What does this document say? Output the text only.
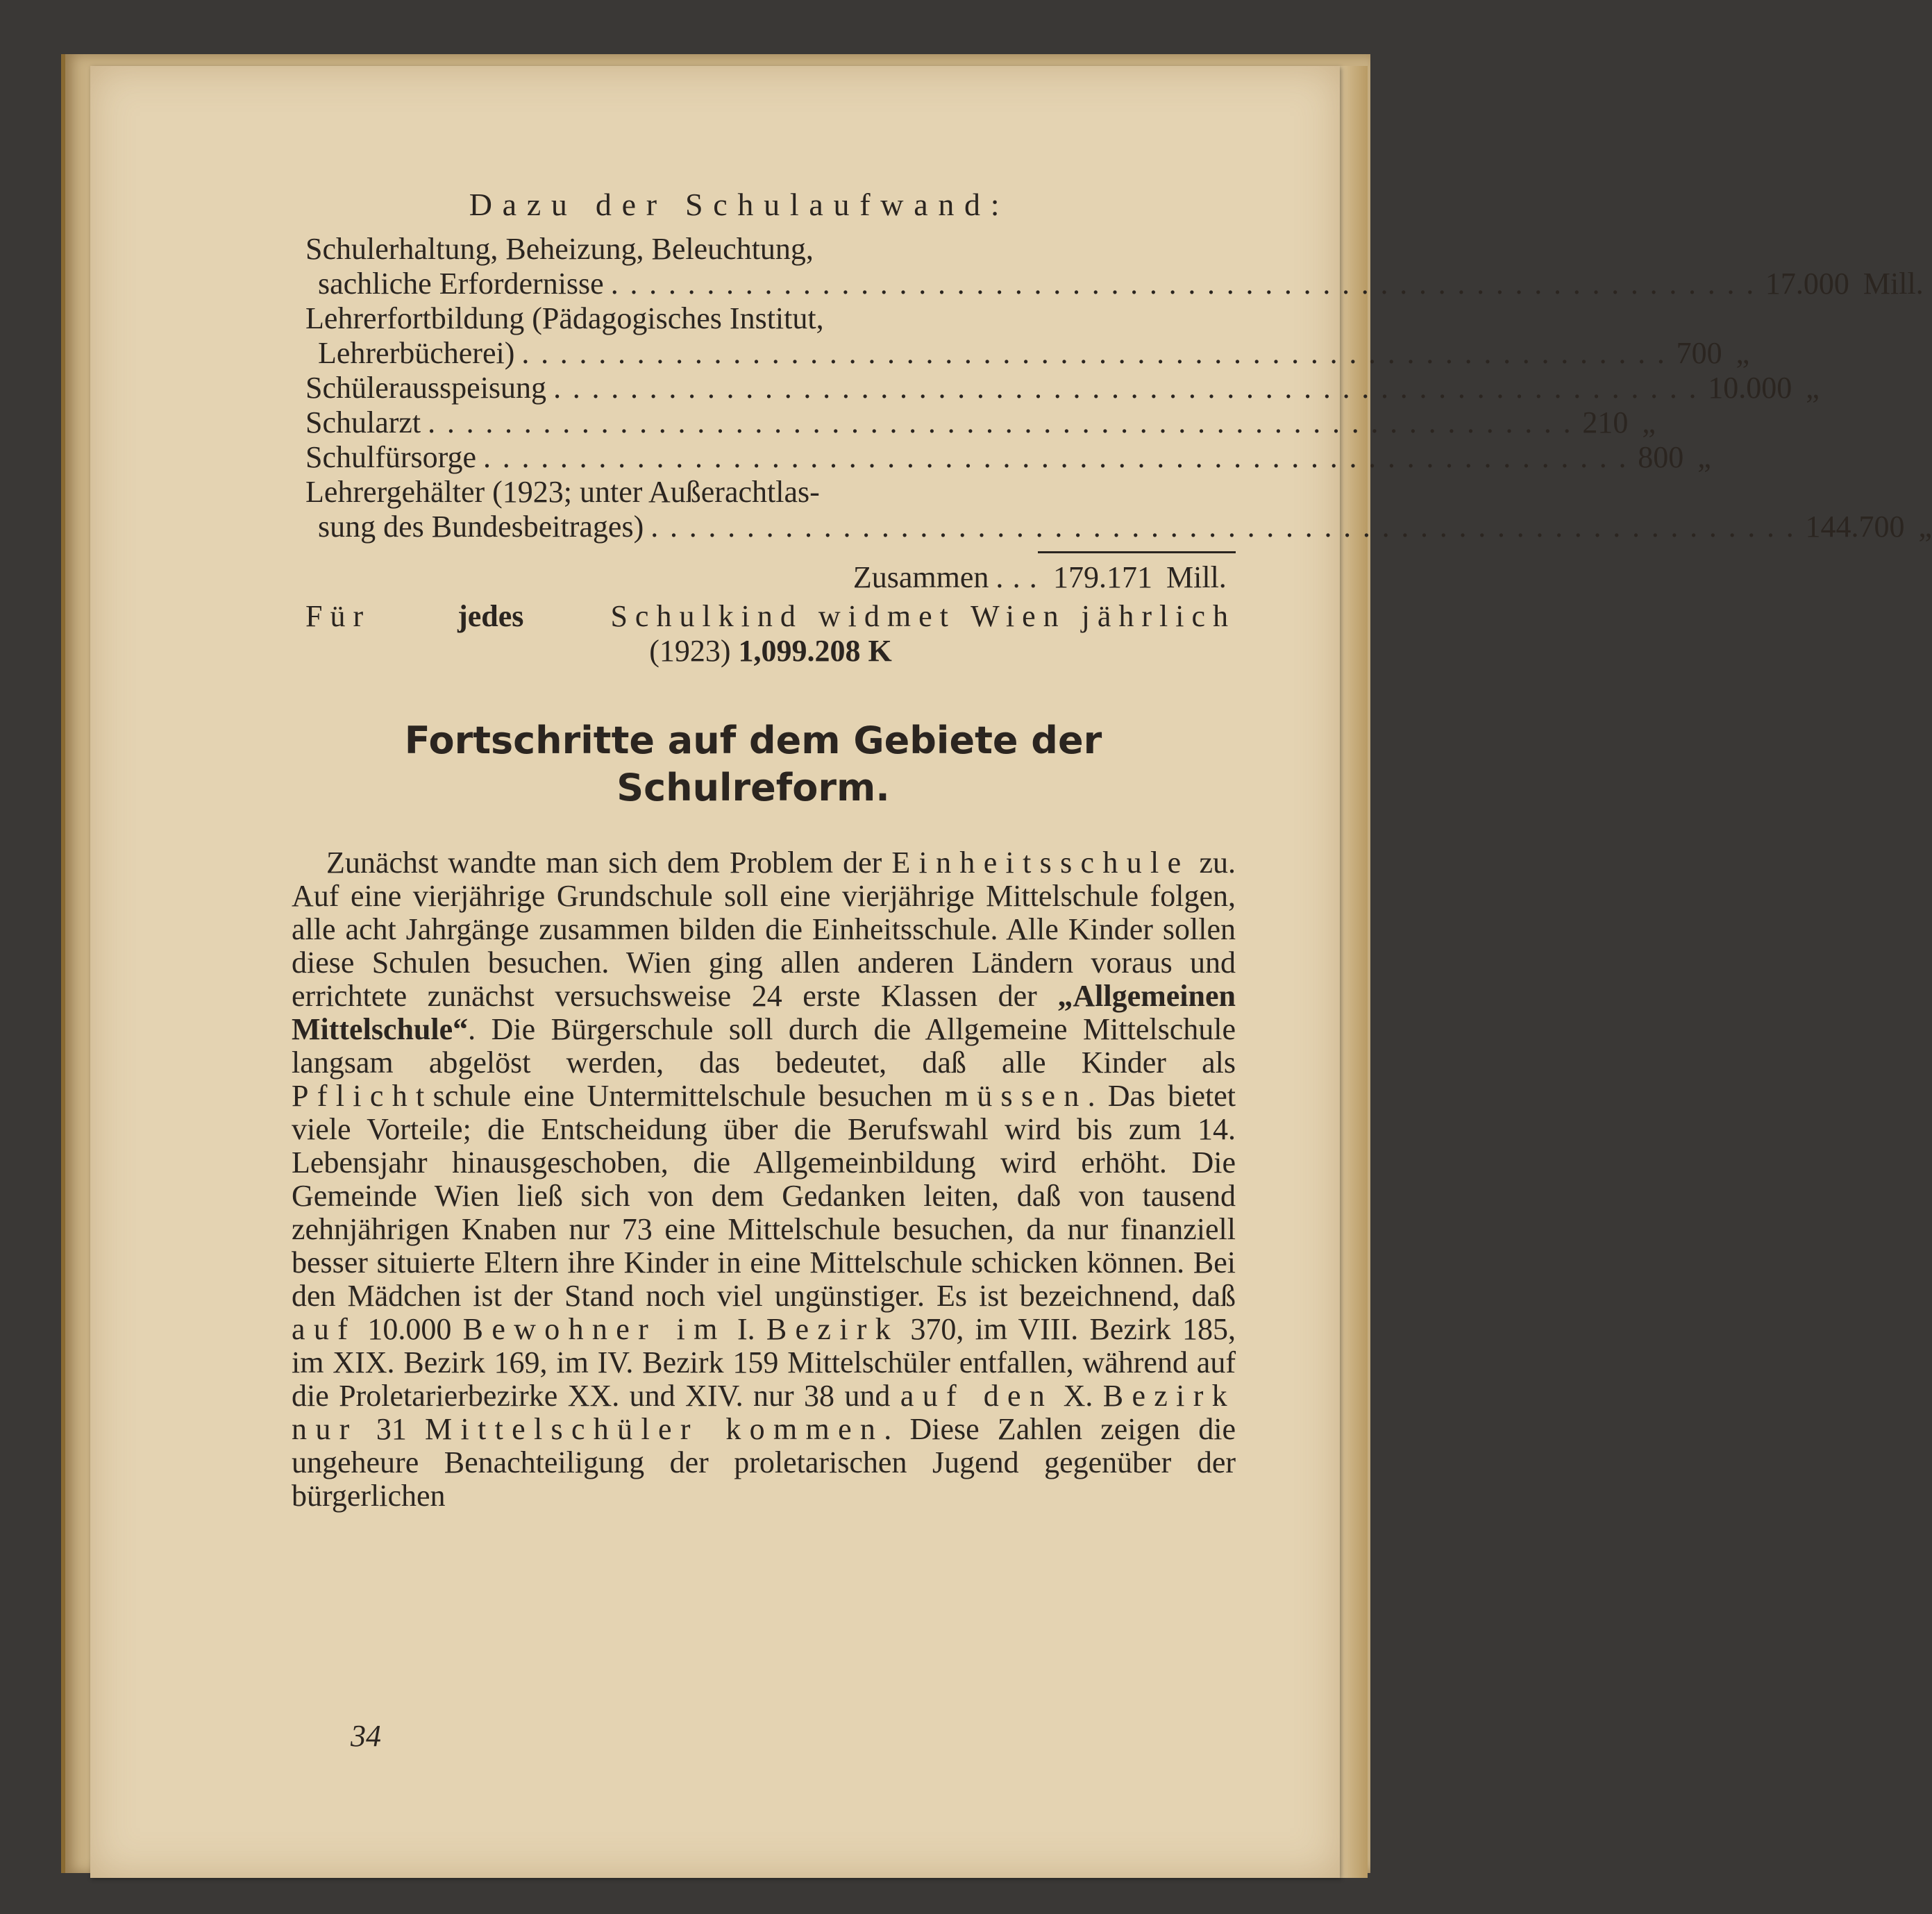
Dazu der Schulaufwand:
Schulerhaltung, Beheizung, Beleuchtung,
sachliche Erfordernisse ............................................................ 17.000 Mill.
Lehrerfortbildung (Pädagogisches Institut,
Lehrerbücherei) ............................................................ 700 „
Schülerausspeisung ............................................................ 10.000 „
Schularzt ............................................................ 210 „
Schulfürsorge ............................................................ 800 „
Lehrergehälter (1923; unter Außerachtlas-
sung des Bundesbeitrages) ............................................................ 144.700 „
Zusammen ... 179.171 Mill.
Für	jedes	Schulkind widmet Wien jährlich
(1923) 1,099.208 K
Fortschritte auf dem Gebiete der
Schulreform.

Zunächst wandte man sich dem Problem der Einheitsschule zu. Auf eine vierjährige Grundschule soll eine vierjährige Mittelschule folgen, alle acht Jahrgänge zusammen bilden die Einheitsschule. Alle Kinder sollen diese Schulen besuchen. Wien ging allen anderen Ländern voraus und errichtete zunächst versuchsweise 24 erste Klassen der „Allgemeinen Mittelschule“. Die Bürgerschule soll durch die Allgemeine Mittelschule langsam abgelöst werden, das bedeutet, daß alle Kinder als Pflichtschule eine Untermittelschule besuchen müssen. Das bietet viele Vorteile; die Entscheidung über die Berufswahl wird bis zum 14. Lebensjahr hinausgeschoben, die Allgemeinbildung wird erhöht. Die Gemeinde Wien ließ sich von dem Gedanken leiten, daß von tausend zehnjährigen Knaben nur 73 eine Mittelschule besuchen, da nur finanziell besser situierte Eltern ihre Kinder in eine Mittelschule schicken können. Bei den Mädchen ist der Stand noch viel ungünstiger. Es ist bezeichnend, daß auf 10.000 Bewohner im I. Bezirk 370, im VIII. Bezirk 185, im XIX. Bezirk 169, im IV. Bezirk 159 Mittelschüler entfallen, während auf die Proletarierbezirke XX. und XIV. nur 38 und auf den X. Bezirk nur 31 Mittelschüler kommen. Diese Zahlen zeigen die ungeheure Benachteiligung der proletarischen Jugend gegenüber der bürgerlichen

34
